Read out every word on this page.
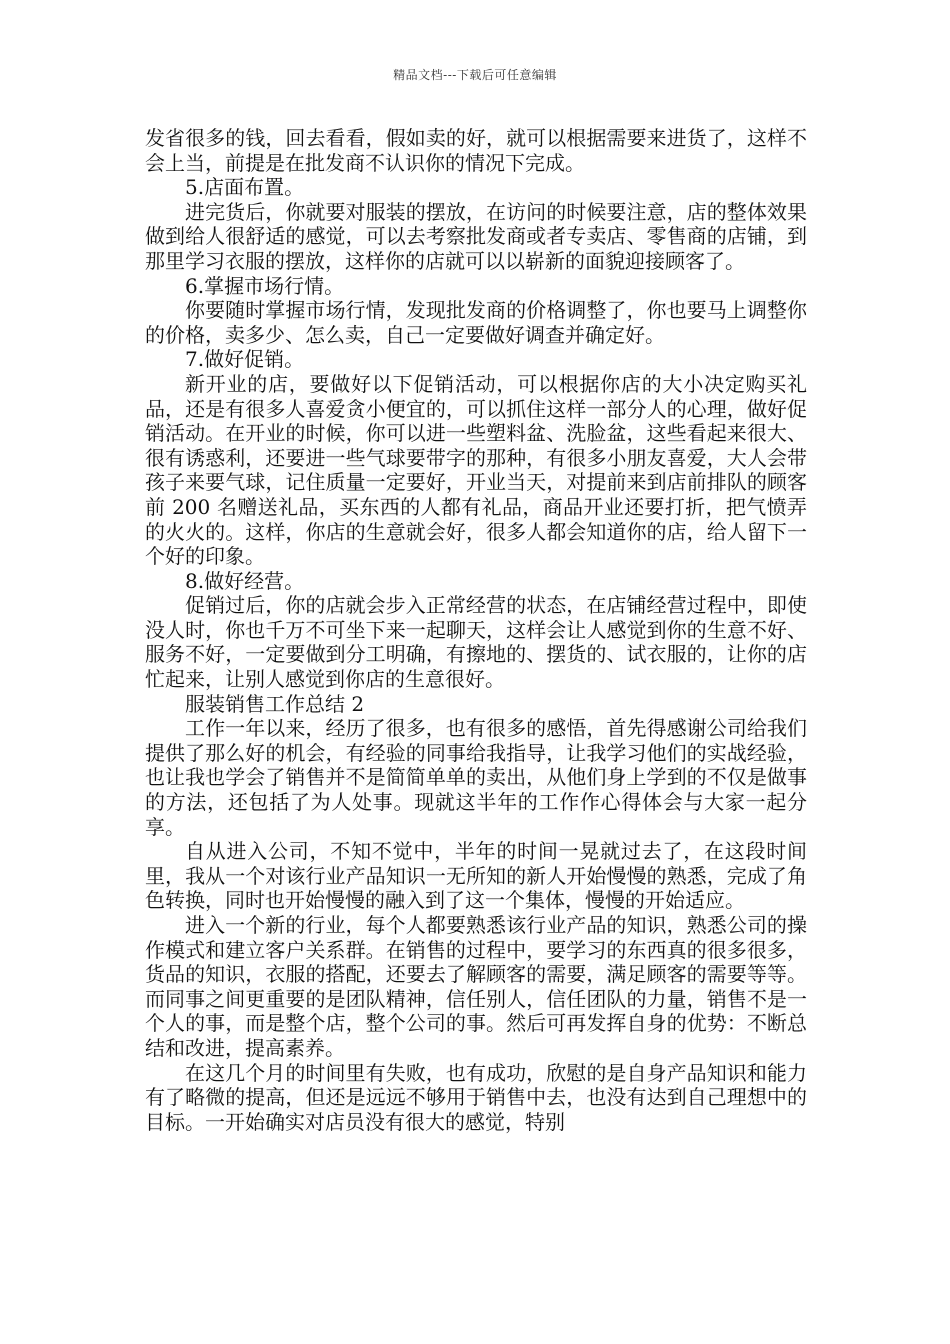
精品文档---下载后可任意编辑

发省很多的钱，回去看看，假如卖的好，就可以根据需要来进货了，这样不会上当，前提是在批发商不认识你的情况下完成。

5.店面布置。

进完货后，你就要对服装的摆放，在访问的时候要注意，店的整体效果做到给人很舒适的感觉，可以去考察批发商或者专卖店、零售商的店铺，到那里学习衣服的摆放，这样你的店就可以以崭新的面貌迎接顾客了。

6.掌握市场行情。

你要随时掌握市场行情，发现批发商的价格调整了，你也要马上调整你的价格，卖多少、怎么卖，自己一定要做好调查并确定好。

7.做好促销。

新开业的店，要做好以下促销活动，可以根据你店的大小决定购买礼品，还是有很多人喜爱贪小便宜的，可以抓住这样一部分人的心理，做好促销活动。在开业的时候，你可以进一些塑料盆、洗脸盆，这些看起来很大、很有诱惑利，还要进一些气球要带字的那种，有很多小朋友喜爱，大人会带孩子来要气球，记住质量一定要好，开业当天，对提前来到店前排队的顾客前 200 名赠送礼品，买东西的人都有礼品，商品开业还要打折，把气愤弄的火火的。这样，你店的生意就会好，很多人都会知道你的店，给人留下一个好的印象。

8.做好经营。

促销过后，你的店就会步入正常经营的状态，在店铺经营过程中，即使没人时，你也千万不可坐下来一起聊天，这样会让人感觉到你的生意不好、服务不好，一定要做到分工明确，有擦地的、摆货的、试衣服的，让你的店忙起来，让别人感觉到你店的生意很好。

服装销售工作总结 2

工作一年以来，经历了很多，也有很多的感悟，首先得感谢公司给我们提供了那么好的机会，有经验的同事给我指导，让我学习他们的实战经验，也让我也学会了销售并不是简简单单的卖出，从他们身上学到的不仅是做事的方法，还包括了为人处事。现就这半年的工作作心得体会与大家一起分享。

自从进入公司，不知不觉中，半年的时间一晃就过去了，在这段时间里，我从一个对该行业产品知识一无所知的新人开始慢慢的熟悉，完成了角色转换，同时也开始慢慢的融入到了这一个集体，慢慢的开始适应。

进入一个新的行业，每个人都要熟悉该行业产品的知识，熟悉公司的操作模式和建立客户关系群。在销售的过程中，要学习的东西真的很多很多，货品的知识，衣服的搭配，还要去了解顾客的需要，满足顾客的需要等等。而同事之间更重要的是团队精神，信任别人，信任团队的力量，销售不是一个人的事，而是整个店，整个公司的事。然后可再发挥自身的优势：不断总结和改进，提高素养。

在这几个月的时间里有失败，也有成功，欣慰的是自身产品知识和能力有了略微的提高，但还是远远不够用于销售中去，也没有达到自己理想中的目标。一开始确实对店员没有很大的感觉，特别
